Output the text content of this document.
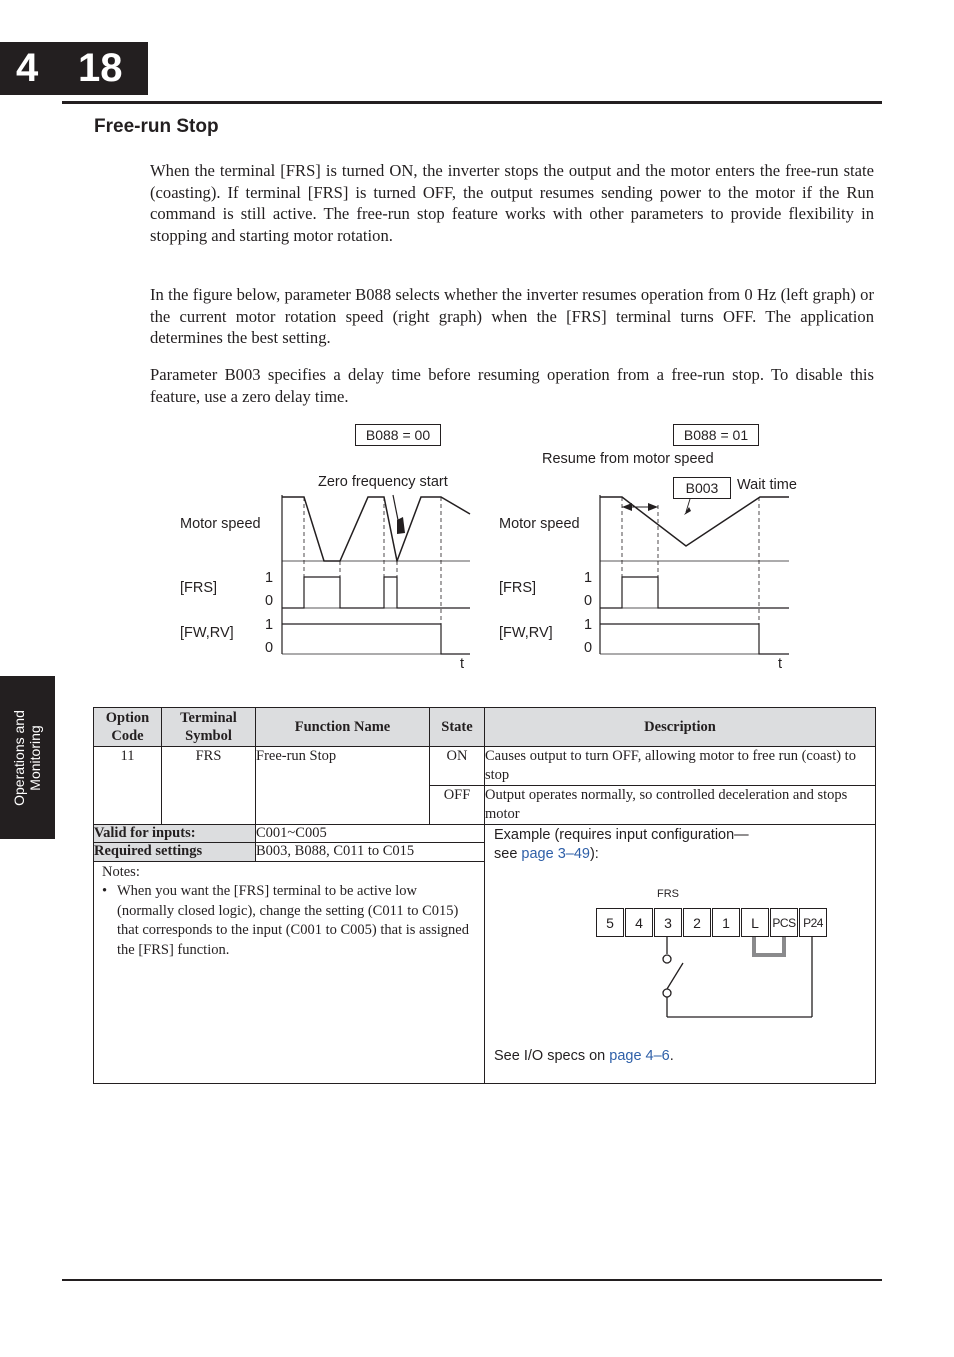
4 18
Free-run Stop

When the terminal [FRS] is turned ON, the inverter stops the output and the motor enters the free-run state (coasting). If terminal [FRS] is turned OFF, the output resumes sending power to the motor if the Run command is still active. The free-run stop feature works with other parameters to provide flexibility in stopping and starting motor rotation.

In the figure below, parameter B088 selects whether the inverter resumes operation from 0 Hz (left graph) or the current motor rotation speed (right graph) when the [FRS] terminal turns OFF. The application determines the best setting.

Parameter B003 specifies a delay time before resuming operation from a free-run stop. To disable this feature, use a zero delay time.

Operations and
Monitoring
B088 = 00
Zero frequency start
Motor speed
[FRS]
[FW,RV]
1
0
1
0
t
B088 = 01
Resume from motor speed
B003	Wait time
Motor speed
[FRS]
[FW,RV]
1
0
1
0
t
Option Code	Terminal Symbol	Function Name	State	Description
11	FRS	Free-run Stop	ON	Causes output to turn OFF, allowing motor to free run (coast) to stop
			OFF	Output operates normally, so controlled deceleration and stops motor
Valid for inputs:		C001~C005		Example (requires input configuration—
see page 3–49):
See I/O specs on page 4–6.

Required settings		B003, B088, C011 to C015		

Notes:
• When you want the [FRS] terminal to be active low (normally closed logic), change the setting (C011 to C015) that corresponds to the input (C001 to C005) that is assigned the [FRS] function.				
FRS
5	4	3	2	1	L	PCS P24
